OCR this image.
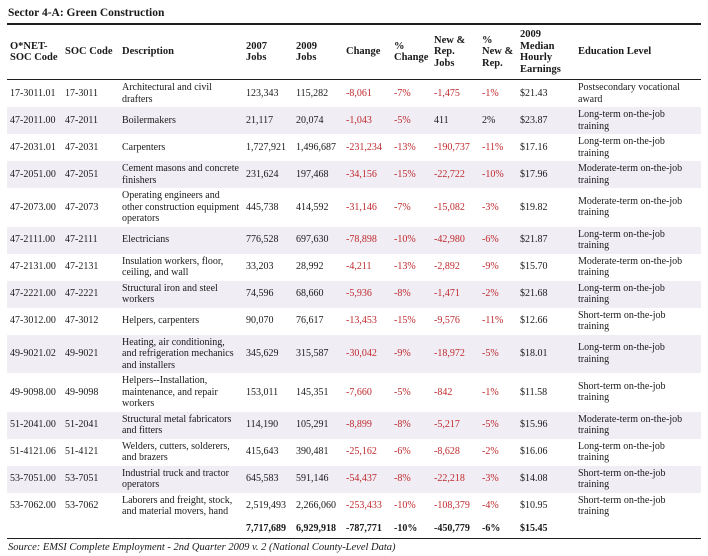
Sector 4-A: Green Construction
O*NET-SOC Code	SOC Code	Description	2007 Jobs	2009 Jobs	Change	% Change	New & Rep. Jobs	% New & Rep.	2009 Median Hourly Earnings	Education Level
17-3011.01	17-3011	Architectural and civil drafters	123,343	115,282	-8,061	-7%	-1,475	-1%	$21.43	Postsecondary vocational award
47-2011.00	47-2011	Boilermakers	21,117	20,074	-1,043	-5%	411	2%	$23.87	Long-term on-the-job training
47-2031.01	47-2031	Carpenters	1,727,921	1,496,687	-231,234	-13%	-190,737	-11%	$17.16	Long-term on-the-job training
47-2051.00	47-2051	Cement masons and concrete finishers	231,624	197,468	-34,156	-15%	-22,722	-10%	$17.96	Moderate-term on-the-job training
47-2073.00	47-2073	Operating engineers and other construction equipment operators	445,738	414,592	-31,146	-7%	-15,082	-3%	$19.82	Moderate-term on-the-job training
47-2111.00	47-2111	Electricians	776,528	697,630	-78,898	-10%	-42,980	-6%	$21.87	Long-term on-the-job training
47-2131.00	47-2131	Insulation workers, floor, ceiling, and wall	33,203	28,992	-4,211	-13%	-2,892	-9%	$15.70	Moderate-term on-the-job training
47-2221.00	47-2221	Structural iron and steel workers	74,596	68,660	-5,936	-8%	-1,471	-2%	$21.68	Long-term on-the-job training
47-3012.00	47-3012	Helpers, carpenters	90,070	76,617	-13,453	-15%	-9,576	-11%	$12.66	Short-term on-the-job training
49-9021.02	49-9021	Heating, air conditioning, and refrigeration mechanics and installers	345,629	315,587	-30,042	-9%	-18,972	-5%	$18.01	Long-term on-the-job training
49-9098.00	49-9098	Helpers--Installation, maintenance, and repair workers	153,011	145,351	-7,660	-5%	-842	-1%	$11.58	Short-term on-the-job training
51-2041.00	51-2041	Structural metal fabricators and fitters	114,190	105,291	-8,899	-8%	-5,217	-5%	$15.96	Moderate-term on-the-job training
51-4121.06	51-4121	Welders, cutters, solderers, and brazers	415,643	390,481	-25,162	-6%	-8,628	-2%	$16.06	Long-term on-the-job training
53-7051.00	53-7051	Industrial truck and tractor operators	645,583	591,146	-54,437	-8%	-22,218	-3%	$14.08	Short-term on-the-job training
53-7062.00	53-7062	Laborers and freight, stock, and material movers, hand	2,519,493	2,266,060	-253,433	-10%	-108,379	-4%	$10.95	Short-term on-the-job training
			7,717,689	6,929,918	-787,771	-10%	-450,779	-6%	$15.45	
Source: EMSI Complete Employment - 2nd Quarter 2009 v. 2 (National County-Level Data)
